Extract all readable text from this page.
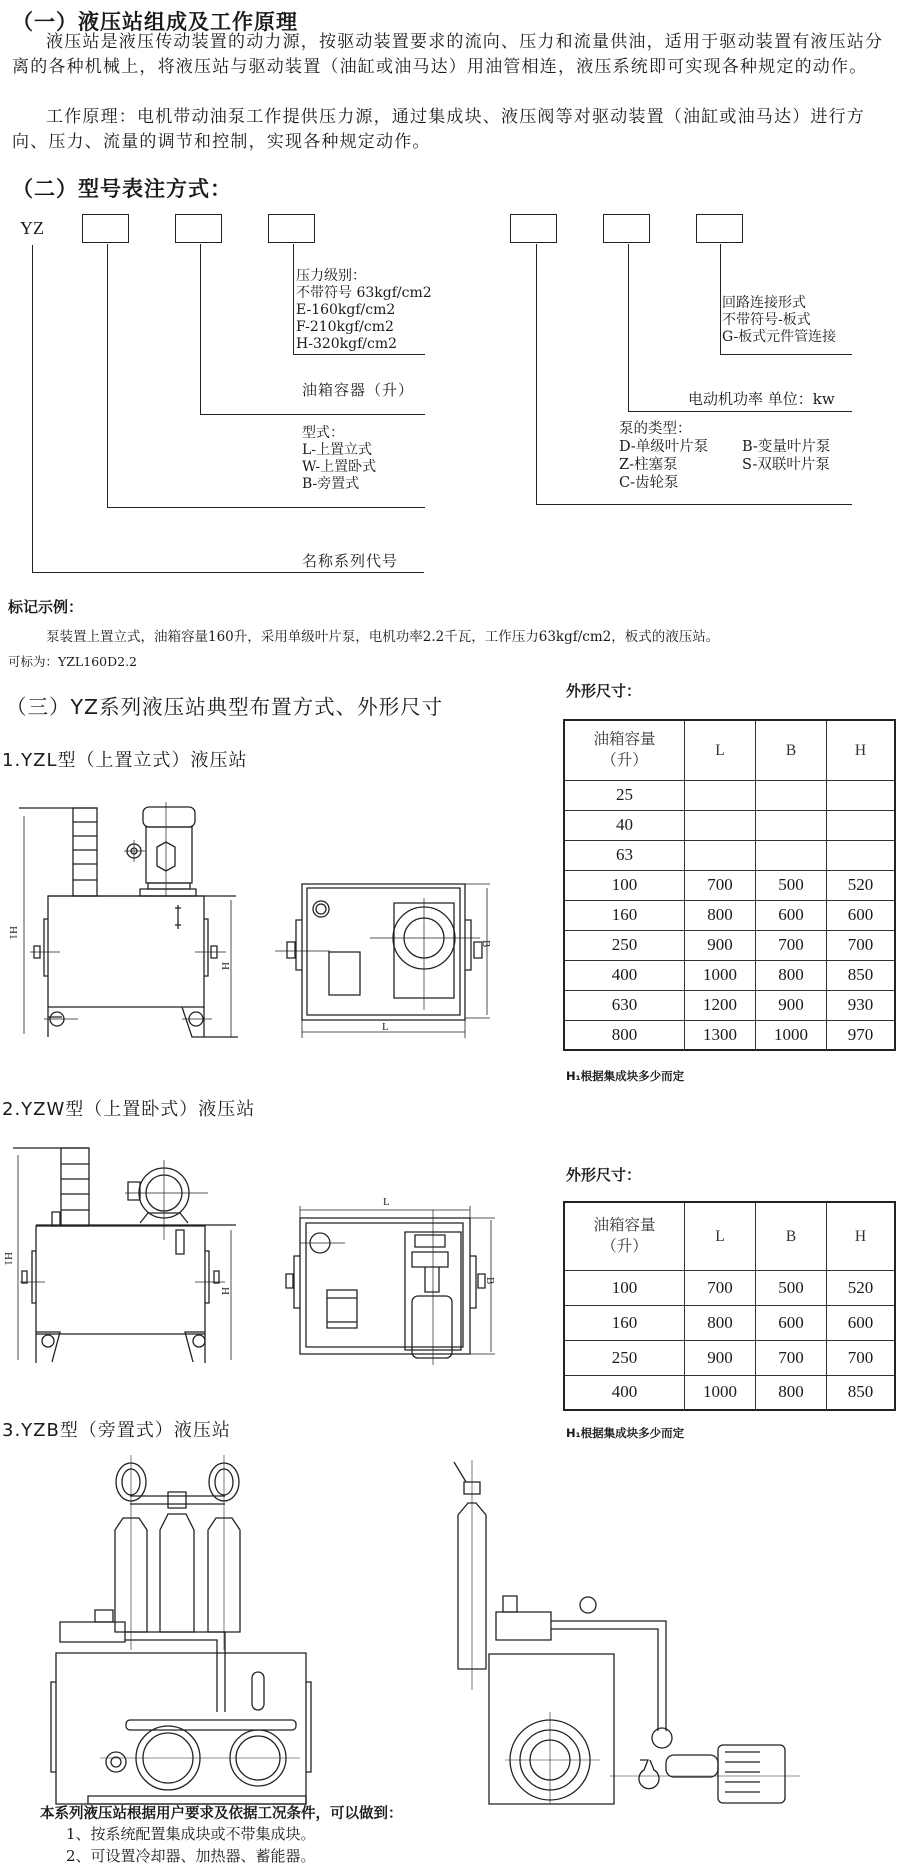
（一）液压站组成及工作原理
液压站是液压传动装置的动力源，按驱动装置要求的流向、压力和流量供油，适用于驱动装置有液压站分离的各种机械上，将液压站与驱动装置（油缸或油马达）用油管相连，液压系统即可实现各种规定的动作。
工作原理：电机带动油泵工作提供压力源，通过集成块、液压阀等对驱动装置（油缸或油马达）进行方向、压力、流量的调节和控制，实现各种规定动作。
（二）型号表注方式：
YZ
压力级别：
不带符号 63kgf/cm2
E-160kgf/cm2
F-210kgf/cm2
H-320kgf/cm2
油箱容器（升）
型式：
L-上置立式
W-上置卧式
B-旁置式
名称系列代号
回路连接形式
不带符号-板式
G-板式元件管连接
电动机功率 单位：kw
泵的类型：
D-单级叶片泵
Z-柱塞泵
C-齿轮泵
B-变量叶片泵
S-双联叶片泵
标记示例：
泵装置上置立式，油箱容量160升，采用单级叶片泵，电机功率2.2千瓦，工作压力63kgf/cm2，板式的液压站。
可标为：YZL160D2.2
（三）YZ系列液压站典型布置方式、外形尺寸
1.YZL型（上置立式）液压站
H1
H
L
B
外形尺寸：
油箱容量
（升）	L	B	H
25			
40			
63			
100	700	500	520
160	800	600	600
250	900	700	700
400	1000	800	850
630	1200	900	930
800	1300	1000	970
H₁根据集成块多少而定
2.YZW型（上置卧式）液压站
H1
H
L
B
外形尺寸：
油箱容量
（升）	L	B	H
100	700	500	520
160	800	600	600
250	900	700	700
400	1000	800	850
H₁根据集成块多少而定
3.YZB型（旁置式）液压站
本系列液压站根据用户要求及依据工况条件，可以做到：
1、按系统配置集成块或不带集成块。
2、可设置冷却器、加热器、蓄能器。
